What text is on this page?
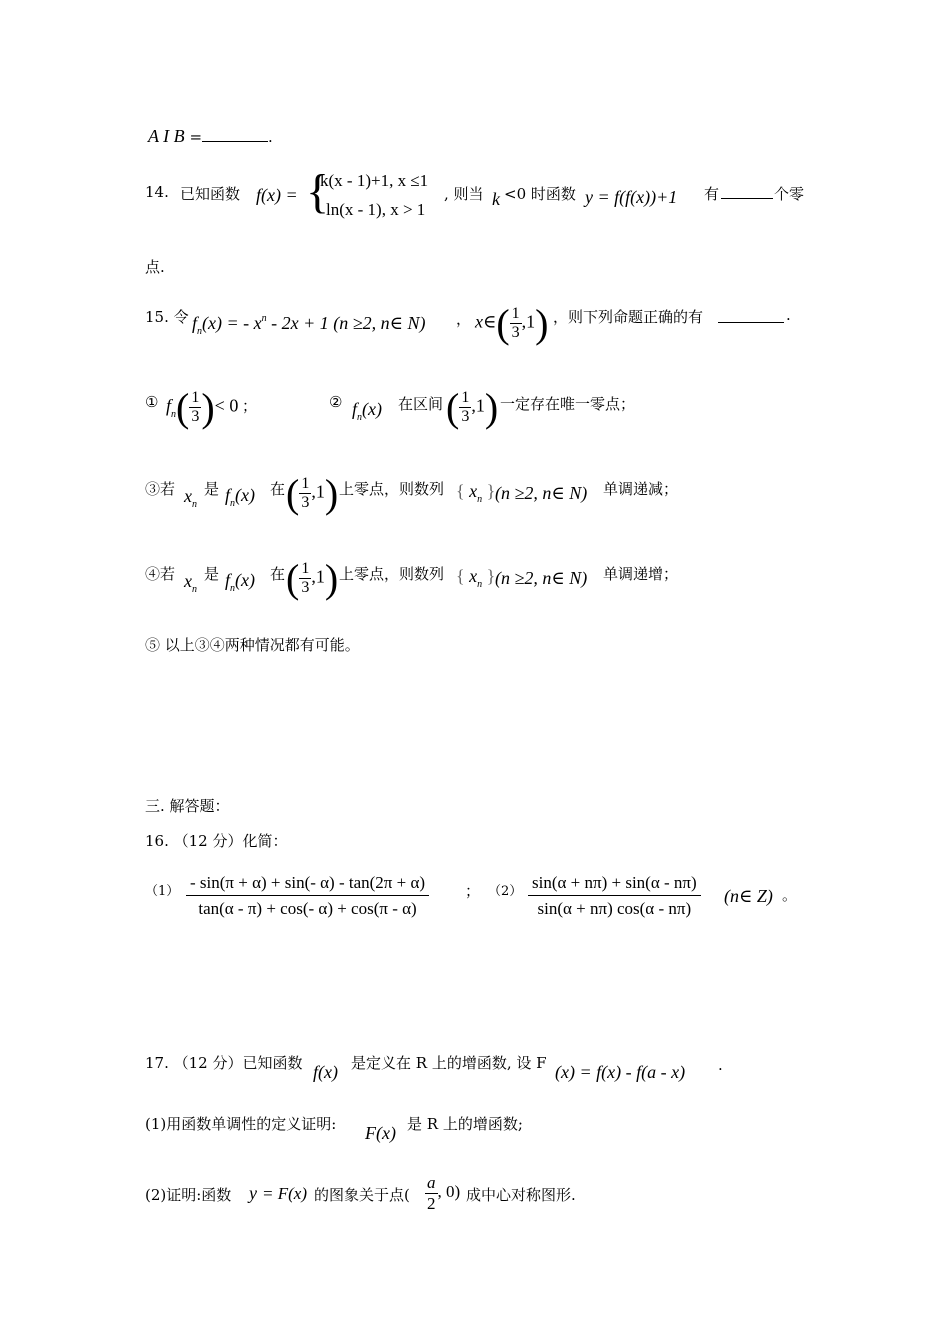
A I B =	.
14. 已知函数 f(x) = {
k(x - 1)+1, x ≤1
ln(x - 1), x > 1
, 则当 k <0 时函数 y = f(f(x))+1 有	个零
点.
15. 令 $f_n(x)$ = - $x^n - 2x + 1$ (n ≥2, n∈ N) ， x∈( $\frac{1}{3} ,1$) ，则下列命题正确的有	.
① $f_n( \frac{1}{3}$ )< 0 ；	② $f_n(x)$ 在区间 ( $\frac{1}{3} ,1$) 一定存在唯一零点；
③若 $x_n$
是 $f_n(x)$ 在 ( $\frac{1}{3} ,1$) 上零点，则数列 { $x_n$ } (n ≥2, n∈ N) 单调递减；
④若 $x_n$
是 $f_n(x)$ 在 ( $\frac{1}{3} ,1$) 上零点，则数列 { $x_n$ } (n ≥2, n∈ N) 单调递增；
⑤ 以上③④两种情况都有可能。
三. 解答题：
16. （12 分）化简：
$(1) \frac{- \sin(\pi + \alpha) + \sin(- \alpha) - \tan(2\pi + \alpha)}{\tan(\alpha - \pi) + \cos(- \alpha) + \cos(\pi - \alpha)}$ ； $(2) \frac{\sin(\alpha + n\pi) + \sin(\alpha - n\pi)}{\sin(\alpha + n\pi) \cos(\alpha - n\pi)}$ (n∈ Z) 。
17. （12 分）已知函数 f(x) 是定义在 R 上的增函数, 设 F (x) = f(x) - f(a - x) .
(1)用函数单调性的定义证明: F(x) 是 R 上的增函数;
(2)证明:函数 y = F(x) 的图象关于点( $\frac{a}{2}$ , 0) 成中心对称图形.
